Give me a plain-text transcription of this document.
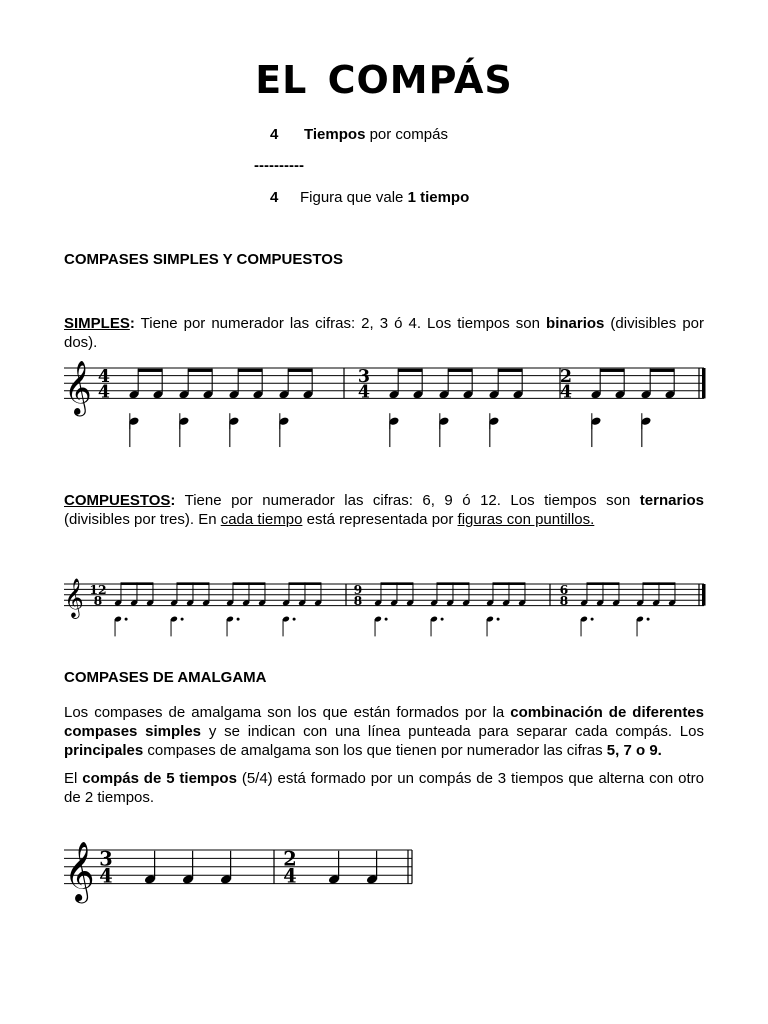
EL COMPÁS
4 Tiempos por compás
----------
4 Figura que vale 1 tiempo
COMPASES SIMPLES Y COMPUESTOS
SIMPLES: Tiene por numerador las cifras: 2, 3 ó 4. Los tiempos son binarios (divisibles por dos).
𝄞 4
4
3
4
2
4
COMPUESTOS: Tiene por numerador las cifras: 6, 9 ó 12. Los tiempos son ternarios (divisibles por tres). En cada tiempo está representada por figuras con puntillos.
𝄞 12
8
9
8
6
8
COMPASES DE AMALGAMA
Los compases de amalgama son los que están formados por la combinación de diferentes compases simples y se indican con una línea punteada para separar cada compás. Los principales compases de amalgama son los que tienen por numerador las cifras 5, 7 o 9.
El compás de 5 tiempos (5/4) está formado por un compás de 3 tiempos que alterna con otro de 2 tiempos.
𝄞 3
4
2
4
